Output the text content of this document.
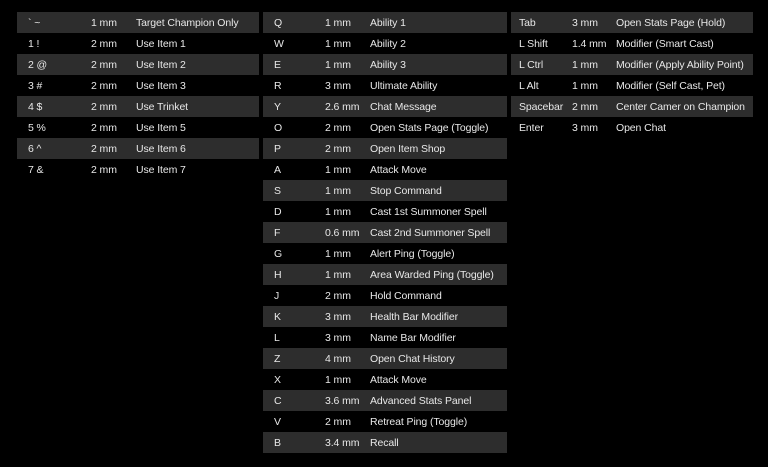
` ~	1 mm	Target Champion Only
1 !	2 mm	Use Item 1
2 @	2 mm	Use Item 2
3 #	2 mm	Use Item 3
4 $	2 mm	Use Trinket
5 %	2 mm	Use Item 5
6 ^	2 mm	Use Item 6
7 &	2 mm	Use Item 7
Q	1 mm	Ability 1
W	1 mm	Ability 2
E	1 mm	Ability 3
R	3 mm	Ultimate Ability
Y	2.6 mm	Chat Message
O	2 mm	Open Stats Page (Toggle)
P	2 mm	Open Item Shop
A	1 mm	Attack Move
S	1 mm	Stop Command
D	1 mm	Cast 1st Summoner Spell
F	0.6 mm	Cast 2nd Summoner Spell
G	1 mm	Alert Ping (Toggle)
H	1 mm	Area Warded Ping (Toggle)
J	2 mm	Hold Command
K	3 mm	Health Bar Modifier
L	3 mm	Name Bar Modifier
Z	4 mm	Open Chat History
X	1 mm	Attack Move
C	3.6 mm	Advanced Stats Panel
V	2 mm	Retreat Ping (Toggle)
B	3.4 mm	Recall
Tab	3 mm	Open Stats Page (Hold)
L Shift	1.4 mm Modifier (Smart Cast)
L Ctrl	1 mm	Modifier (Apply Ability Point)
L Alt	1 mm	Modifier (Self Cast, Pet)
Spacebar 2 mm	Center Camer on Champion
Enter	3 mm	Open Chat
